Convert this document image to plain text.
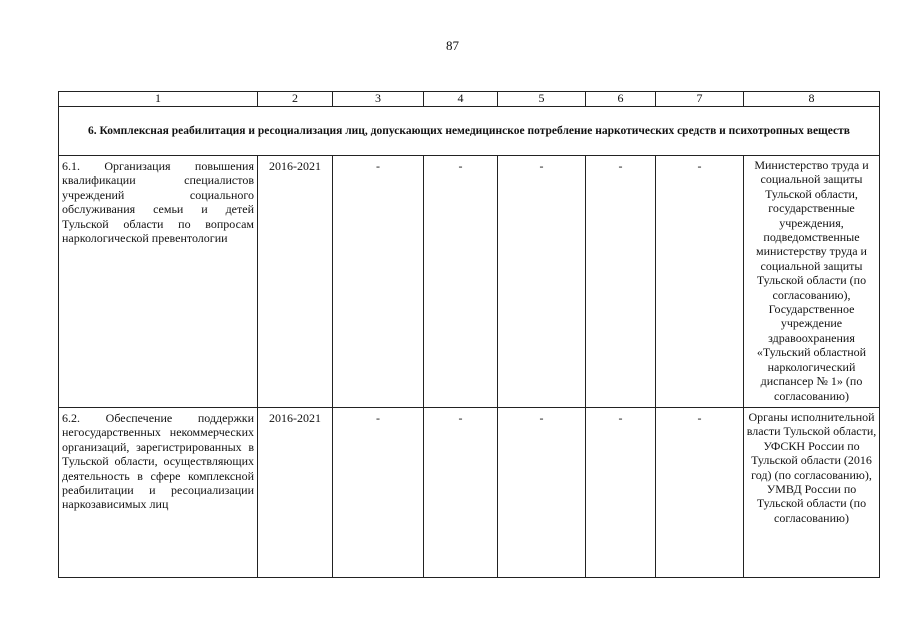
87
1	2	3	4	5	6	7	8
6. Комплексная реабилитация и ресоциализация лиц, допускающих немедицинское потребление наркотических средств и психотропных веществ							
6.1. Организация повышения квалификации специалистов учреждений социального обслуживания семьи и детей Тульской области по вопросам наркологической превентологии	2016-2021	-	-	-	-	-	Министерство труда и социальной защиты Тульской области, государственные учреждения, подведомственные министерству труда и социальной защиты Тульской области (по согласованию), Государственное учреждение здравоохранения «Тульский областной наркологический диспансер № 1» (по согласованию)
6.2. Обеспечение поддержки негосударственных некоммерческих организаций, зарегистрированных в Тульской области, осуществляющих деятельность в сфере комплексной реабилитации и ресоциализации наркозависимых лиц	2016-2021	-	-	-	-	-	Органы исполнительной власти Тульской области, УФСКН России по Тульской области (2016 год) (по согласованию), УМВД России по Тульской области (по согласованию)
